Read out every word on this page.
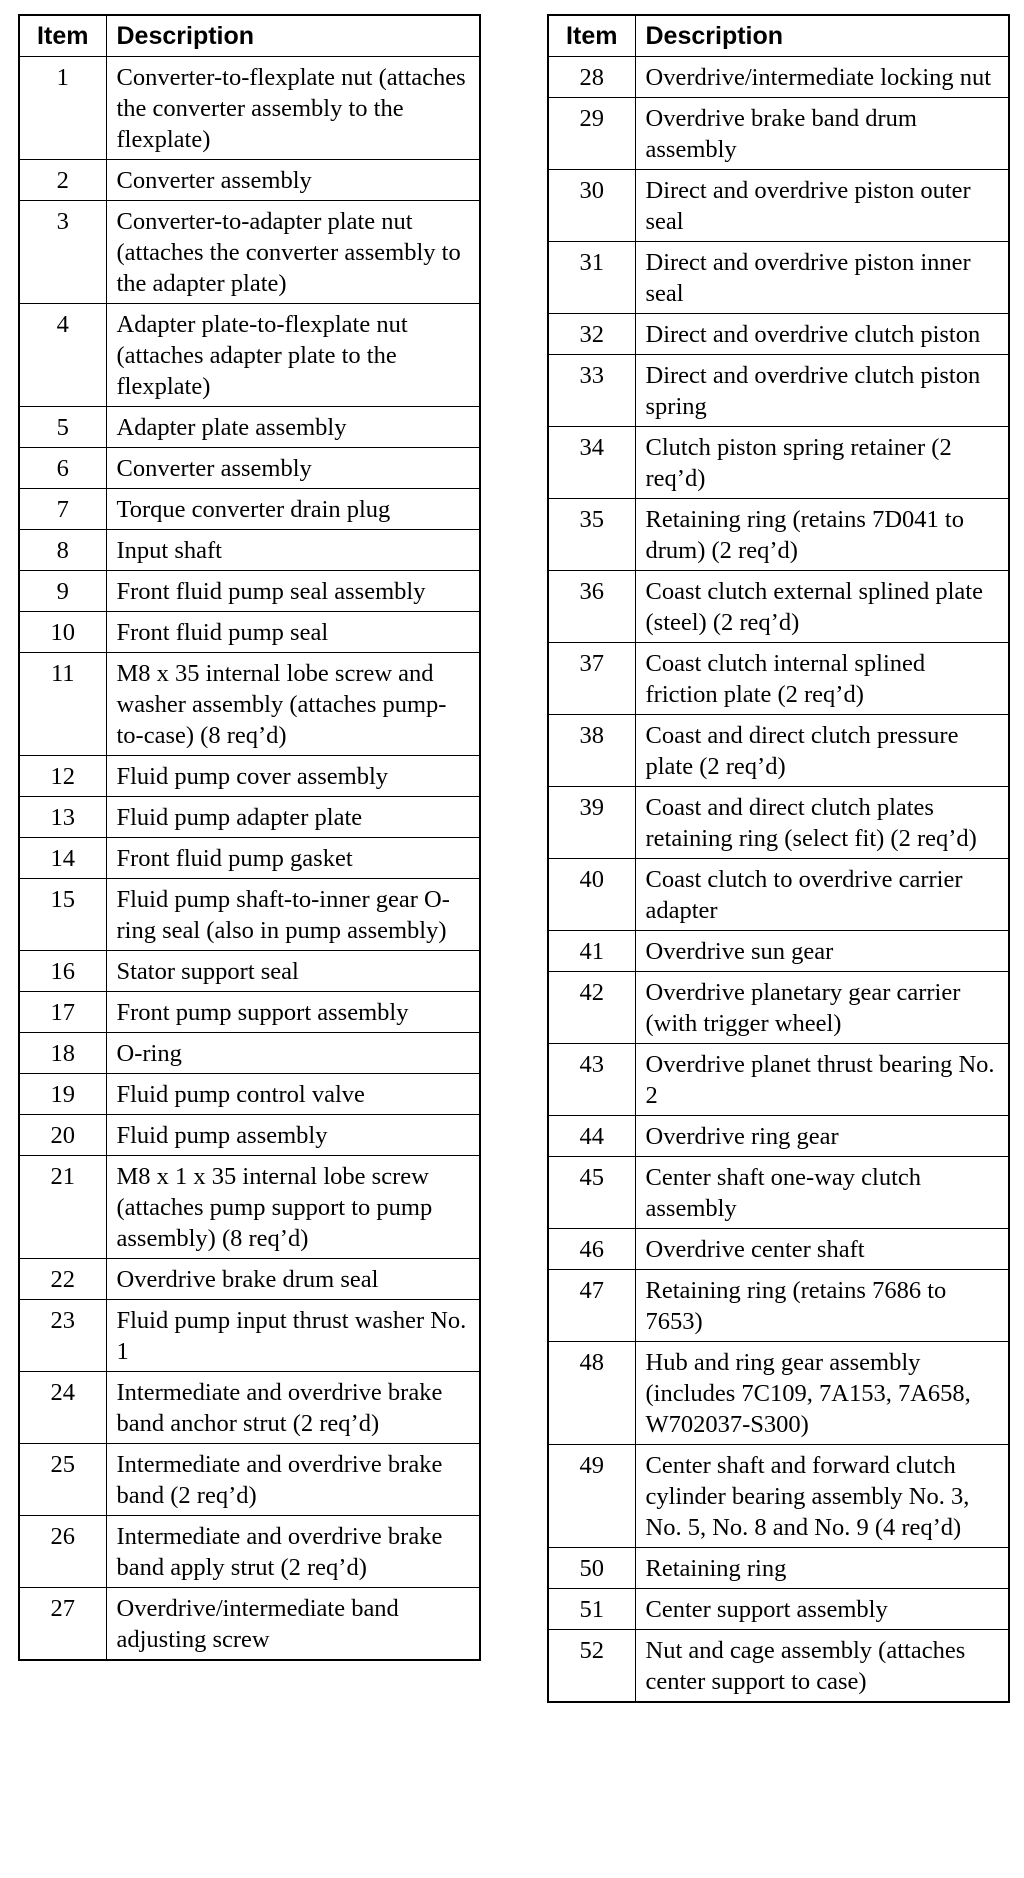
Item	Description
1	Converter-to-flexplate nut (attaches the converter assembly to the flexplate)
2	Converter assembly
3	Converter-to-adapter plate nut (attaches the converter assembly to the adapter plate)
4	Adapter plate-to-flexplate nut (attaches adapter plate to the flexplate)
5	Adapter plate assembly
6	Converter assembly
7	Torque converter drain plug
8	Input shaft
9	Front fluid pump seal assembly
10	Front fluid pump seal
11	M8 x 35 internal lobe screw and washer assembly (attaches pump-to-case) (8 req’d)
12	Fluid pump cover assembly
13	Fluid pump adapter plate
14	Front fluid pump gasket
15	Fluid pump shaft-to-inner gear O-ring seal (also in pump assembly)
16	Stator support seal
17	Front pump support assembly
18	O-ring
19	Fluid pump control valve
20	Fluid pump assembly
21	M8 x 1 x 35 internal lobe screw (attaches pump support to pump assembly) (8 req’d)
22	Overdrive brake drum seal
23	Fluid pump input thrust washer No. 1
24	Intermediate and overdrive brake band anchor strut (2 req’d)
25	Intermediate and overdrive brake band (2 req’d)
26	Intermediate and overdrive brake band apply strut (2 req’d)
27	Overdrive/intermediate band adjusting screw
Item	Description
28	Overdrive/intermediate locking nut
29	Overdrive brake band drum assembly
30	Direct and overdrive piston outer seal
31	Direct and overdrive piston inner seal
32	Direct and overdrive clutch piston
33	Direct and overdrive clutch piston spring
34	Clutch piston spring retainer (2 req’d)
35	Retaining ring (retains 7D041 to drum) (2 req’d)
36	Coast clutch external splined plate (steel) (2 req’d)
37	Coast clutch internal splined friction plate (2 req’d)
38	Coast and direct clutch pressure plate (2 req’d)
39	Coast and direct clutch plates retaining ring (select fit) (2 req’d)
40	Coast clutch to overdrive carrier adapter
41	Overdrive sun gear
42	Overdrive planetary gear carrier (with trigger wheel)
43	Overdrive planet thrust bearing No. 2
44	Overdrive ring gear
45	Center shaft one-way clutch assembly
46	Overdrive center shaft
47	Retaining ring (retains 7686 to 7653)
48	Hub and ring gear assembly (includes 7C109, 7A153, 7A658, W702037-S300)
49	Center shaft and forward clutch cylinder bearing assembly No. 3, No. 5, No. 8 and No. 9 (4 req’d)
50	Retaining ring
51	Center support assembly
52	Nut and cage assembly (attaches center support to case)
